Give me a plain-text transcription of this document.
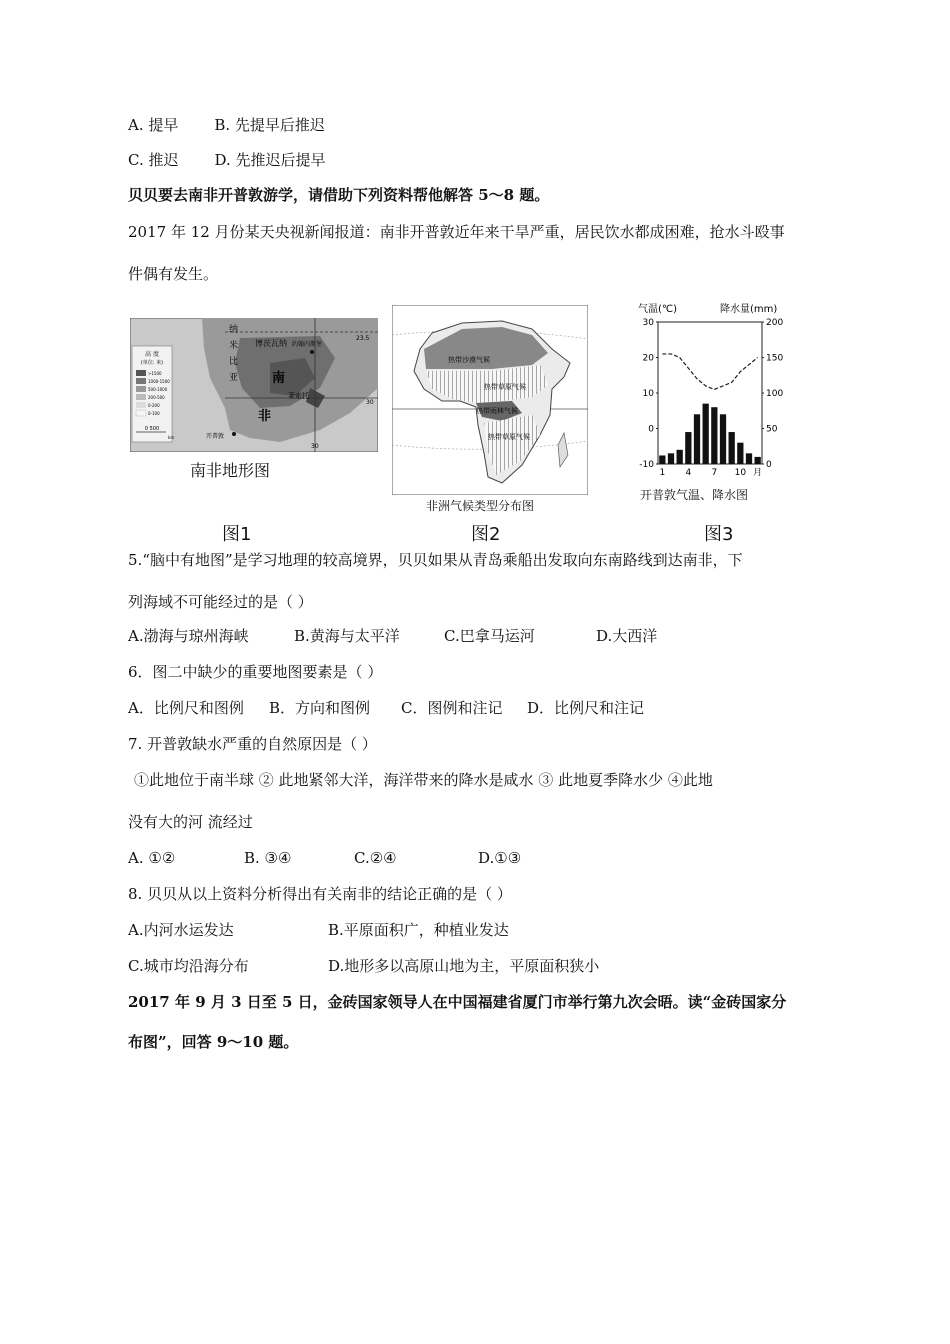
A. 提早 B. 先提早后推迟
C. 推迟 D. 先推迟后提早
贝贝要去南非开普敦游学，请借助下列资料帮他解答 5～8 题。
2017 年 12 月份某天央视新闻报道：南非开普敦近年来干旱严重，居民饮水都成困难，抢水斗殴事
件偶有发生。
高 度
(单位: 米)
>1500
1000-1500
500-1000
200-500
0-200
0-100
0 500
km
纳
米
比
亚
博茨瓦纳 约翰内斯堡
南
非
莱索托
开普敦
23.5
30
30
南非地形图
热带沙漠气候
热带草原气候
热带雨林气候
热带草原气候
非洲气候类型分布图
气温(℃)	降水量(mm)
30
20
10
0
-10
200
150
100
50
0
1 4 7 10 月
开普敦气温、降水图
图1	图2	图3
5.“脑中有地图”是学习地理的较高境界，贝贝如果从青岛乘船出发取向东南路线到达南非，下
列海域不可能经过的是（ ）
A.渤海与琼州海峡	B.黄海与太平洋	C.巴拿马运河	D.大西洋
6．图二中缺少的重要地图要素是（ ）
A．比例尺和图例 B．方向和图例 C．图例和注记 D．比例尺和注记
7. 开普敦缺水严重的自然原因是（ ）
①此地位于南半球 ② 此地紧邻大洋，海洋带来的降水是咸水 ③ 此地夏季降水少 ④此地
没有大的河 流经过
A. ①②	B. ③④	C.②④	D.①③
8. 贝贝从以上资料分析得出有关南非的结论正确的是（ ）
A.内河水运发达	B.平原面积广，种植业发达
C.城市均沿海分布	D.地形多以高原山地为主，平原面积狭小
2017 年 9 月 3 日至 5 日，金砖国家领导人在中国福建省厦门市举行第九次会晤。读“金砖国家分
布图”，回答 9～10 题。
